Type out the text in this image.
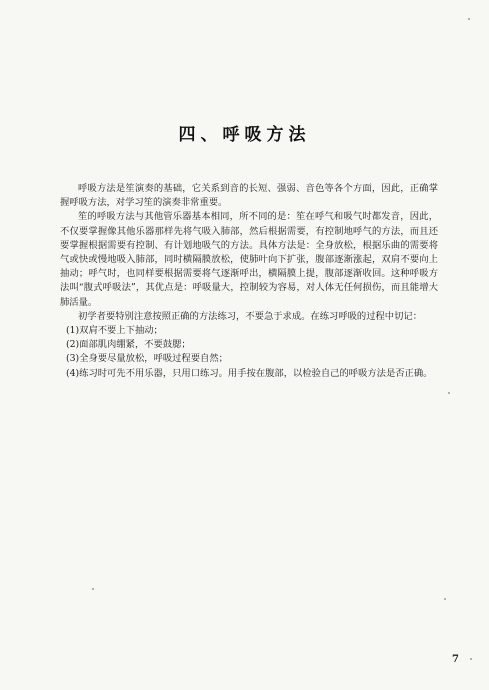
四、呼吸方法

呼吸方法是笙演奏的基础，它关系到音的长短、强弱、音色等各个方面，因此，正确掌握呼吸方法，对学习笙的演奏非常重要。

笙的呼吸方法与其他管乐器基本相同，所不同的是：笙在呼气和吸气时都发音，因此，不仅要掌握像其他乐器那样先将气吸入肺部，然后根据需要，有控制地呼气的方法，而且还要掌握根据需要有控制、有计划地吸气的方法。具体方法是：全身放松，根据乐曲的需要将气或快或慢地吸入肺部，同时横隔膜放松，使肺叶向下扩张，腹部逐渐涨起，双肩不要向上抽动；呼气时，也同样要根据需要将气逐渐呼出，横隔膜上提，腹部逐渐收回。这种呼吸方法叫“腹式呼吸法”，其优点是：呼吸量大，控制较为容易，对人体无任何损伤，而且能增大肺活量。

初学者要特别注意按照正确的方法练习，不要急于求成。在练习呼吸的过程中切记：

(1)双肩不要上下抽动；

(2)面部肌肉绷紧，不要鼓腮；

(3)全身要尽量放松，呼吸过程要自然；

(4)练习时可先不用乐器，只用口练习。用手按在腹部，以检验自己的呼吸方法是否正确。

7
